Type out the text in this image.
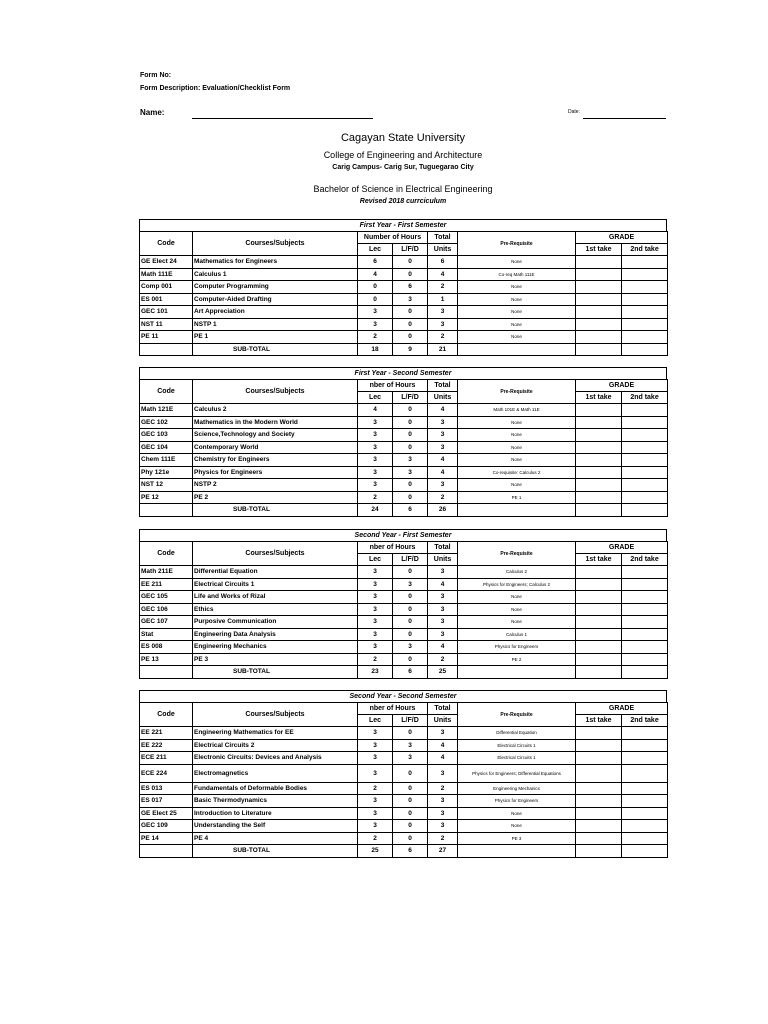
Form No:
Form Description: Evaluation/Checklist Form
Name:	Date:
Cagayan State University
College of Engineering and Architecture
Carig Campus- Carig Sur, Tuguegarao City
Bachelor of Science in Electrical Engineering
Revised 2018 currciculum
First Year - First Semester
Code	Courses/Subjects	Number of Hours		Total	Pre-Requisite	GRADE	
		Lec	L/F/D	Units		1st take	2nd take
GE Elect 24	Mathematics for Engineers	6	0	6	None		
Math 111E	Calculus 1	4	0	4	Co-req Math 111E		
Comp 001	Computer Programming	0	6	2	None		
ES 001	Computer-Aided Drafting	0	3	1	None		
GEC 101	Art Appreciation	3	0	3	None		
NST 11	NSTP 1	3	0	3	None		
PE 11	PE 1	2	0	2	None		
	SUB-TOTAL	18	9	21			
First Year - Second Semester
Code	Courses/Subjects	nber of Hours		Total	Pre-Requisite	GRADE	
		Lec	L/F/D	Units		1st take	2nd take
Math 121E	Calculus 2	4	0	4	Math 101E & Math 11E		
GEC 102	Mathematics in the Modern World	3	0	3	None		
GEC 103	Science,Technology and Society	3	0	3	None		
GEC 104	Contemporary World	3	0	3	None		
Chem 111E	Chemistry for Engineers	3	3	4	None		
Phy 121e	Physics for Engineers	3	3	4	Co-requisite: Calculus 2		
NST 12	NSTP 2	3	0	3	None		
PE 12	PE 2	2	0	2	PE 1		
	SUB-TOTAL	24	6	26			
Second Year - First Semester
Code	Courses/Subjects	nber of Hours		Total	Pre-Requisite	GRADE	
		Lec	L/F/D	Units		1st take	2nd take
Math 211E	Differential Equation	3	0	3	Calculus 2		
EE 211	Electrical Circuits 1	3	3	4	Physics for Engineers; Calculus 2		
GEC 105	Life and Works of Rizal	3	0	3	None		
GEC 106	Ethics	3	0	3	None		
GEC 107	Purposive Communication	3	0	3	None		
Stat	Engineering Data Analysis	3	0	3	Calculus 1		
ES 008	Engineering Mechanics	3	3	4	Physics for Engineers		
PE 13	PE 3	2	0	2	PE 2		
	SUB-TOTAL	23	6	25			
Second Year - Second Semester
Code	Courses/Subjects	nber of Hours		Total	Pre-Requisite	GRADE	
		Lec	L/F/D	Units		1st take	2nd take
EE 221	Engineering Mathematics for EE	3	0	3	Differential Equation		
EE 222	Electrical Circuits 2	3	3	4	Electrical Circuits 1		
ECE 211	Electronic Circuits: Devices and Analysis	3	3	4	Electrical Circuits 1		
ECE 224	Electromagnetics	3	0	3	Physics for Engineers; Differential Equations		
ES 013	Fundamentals of Deformable Bodies	2	0	2	Engineering Mechanics		
ES 017	Basic Thermodynamics	3	0	3	Physics for Engineers		
GE Elect 25	Introduction to Literature	3	0	3	None		
GEC 109	Understanding the Self	3	0	3	None		
PE 14	PE 4	2	0	2	PE 3		
	SUB-TOTAL	25	6	27			
